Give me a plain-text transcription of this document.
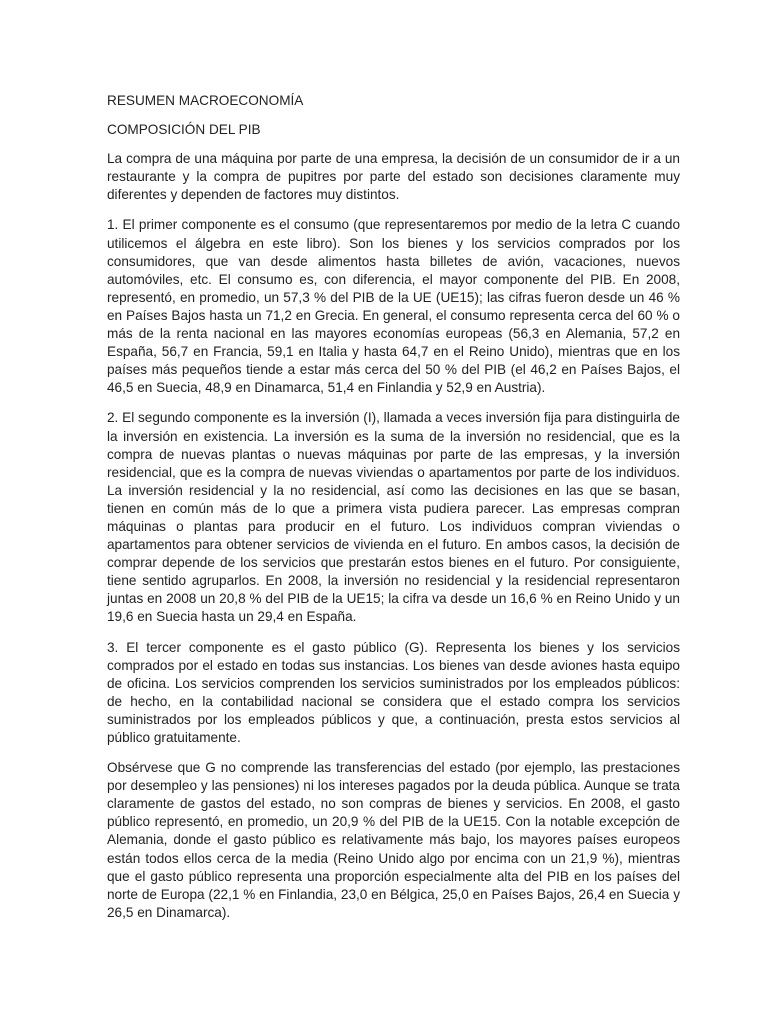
RESUMEN MACROECONOMÍA

COMPOSICIÓN DEL PIB

La compra de una máquina por parte de una empresa, la decisión de un consumidor de ir a un restaurante y la compra de pupitres por parte del estado son decisiones claramente muy diferentes y dependen de factores muy distintos.

1. El primer componente es el consumo (que representaremos por medio de la letra C cuando utilicemos el álgebra en este libro). Son los bienes y los servicios comprados por los consumidores, que van desde alimentos hasta billetes de avión, vacaciones, nuevos automóviles, etc. El consumo es, con diferencia, el mayor componente del PIB. En 2008, representó, en promedio, un 57,3 % del PIB de la UE (UE15); las cifras fueron desde un 46 % en Países Bajos hasta un 71,2 en Grecia. En general, el consumo representa cerca del 60 % o más de la renta nacional en las mayores economías europeas (56,3 en Alemania, 57,2 en España, 56,7 en Francia, 59,1 en Italia y hasta 64,7 en el Reino Unido), mientras que en los países más pequeños tiende a estar más cerca del 50 % del PIB (el 46,2 en Países Bajos, el 46,5 en Suecia, 48,9 en Dinamarca, 51,4 en Finlandia y 52,9 en Austria).

2. El segundo componente es la inversión (I), llamada a veces inversión fija para distinguirla de la inversión en existencia. La inversión es la suma de la inversión no residencial, que es la compra de nuevas plantas o nuevas máquinas por parte de las empresas, y la inversión residencial, que es la compra de nuevas viviendas o apartamentos por parte de los individuos. La inversión residencial y la no residencial, así como las decisiones en las que se basan, tienen en común más de lo que a primera vista pudiera parecer. Las empresas compran máquinas o plantas para producir en el futuro. Los individuos compran viviendas o apartamentos para obtener servicios de vivienda en el futuro. En ambos casos, la decisión de comprar depende de los servicios que prestarán estos bienes en el futuro. Por consiguiente, tiene sentido agruparlos. En 2008, la inversión no residencial y la residencial representaron juntas en 2008 un 20,8 % del PIB de la UE15; la cifra va desde un 16,6 % en Reino Unido y un 19,6 en Suecia hasta un 29,4 en España.

3. El tercer componente es el gasto público (G). Representa los bienes y los servicios comprados por el estado en todas sus instancias. Los bienes van desde aviones hasta equipo de oficina. Los servicios comprenden los servicios suministrados por los empleados públicos: de hecho, en la contabilidad nacional se considera que el estado compra los servicios suministrados por los empleados públicos y que, a continuación, presta estos servicios al público gratuitamente.

Obsérvese que G no comprende las transferencias del estado (por ejemplo, las prestaciones por desempleo y las pensiones) ni los intereses pagados por la deuda pública. Aunque se trata claramente de gastos del estado, no son compras de bienes y servicios. En 2008, el gasto público representó, en promedio, un 20,9 % del PIB de la UE15. Con la notable excepción de Alemania, donde el gasto público es relativamente más bajo, los mayores países europeos están todos ellos cerca de la media (Reino Unido algo por encima con un 21,9 %), mientras que el gasto público representa una proporción especialmente alta del PIB en los países del norte de Europa (22,1 % en Finlandia, 23,0 en Bélgica, 25,0 en Países Bajos, 26,4 en Suecia y 26,5 en Dinamarca).
